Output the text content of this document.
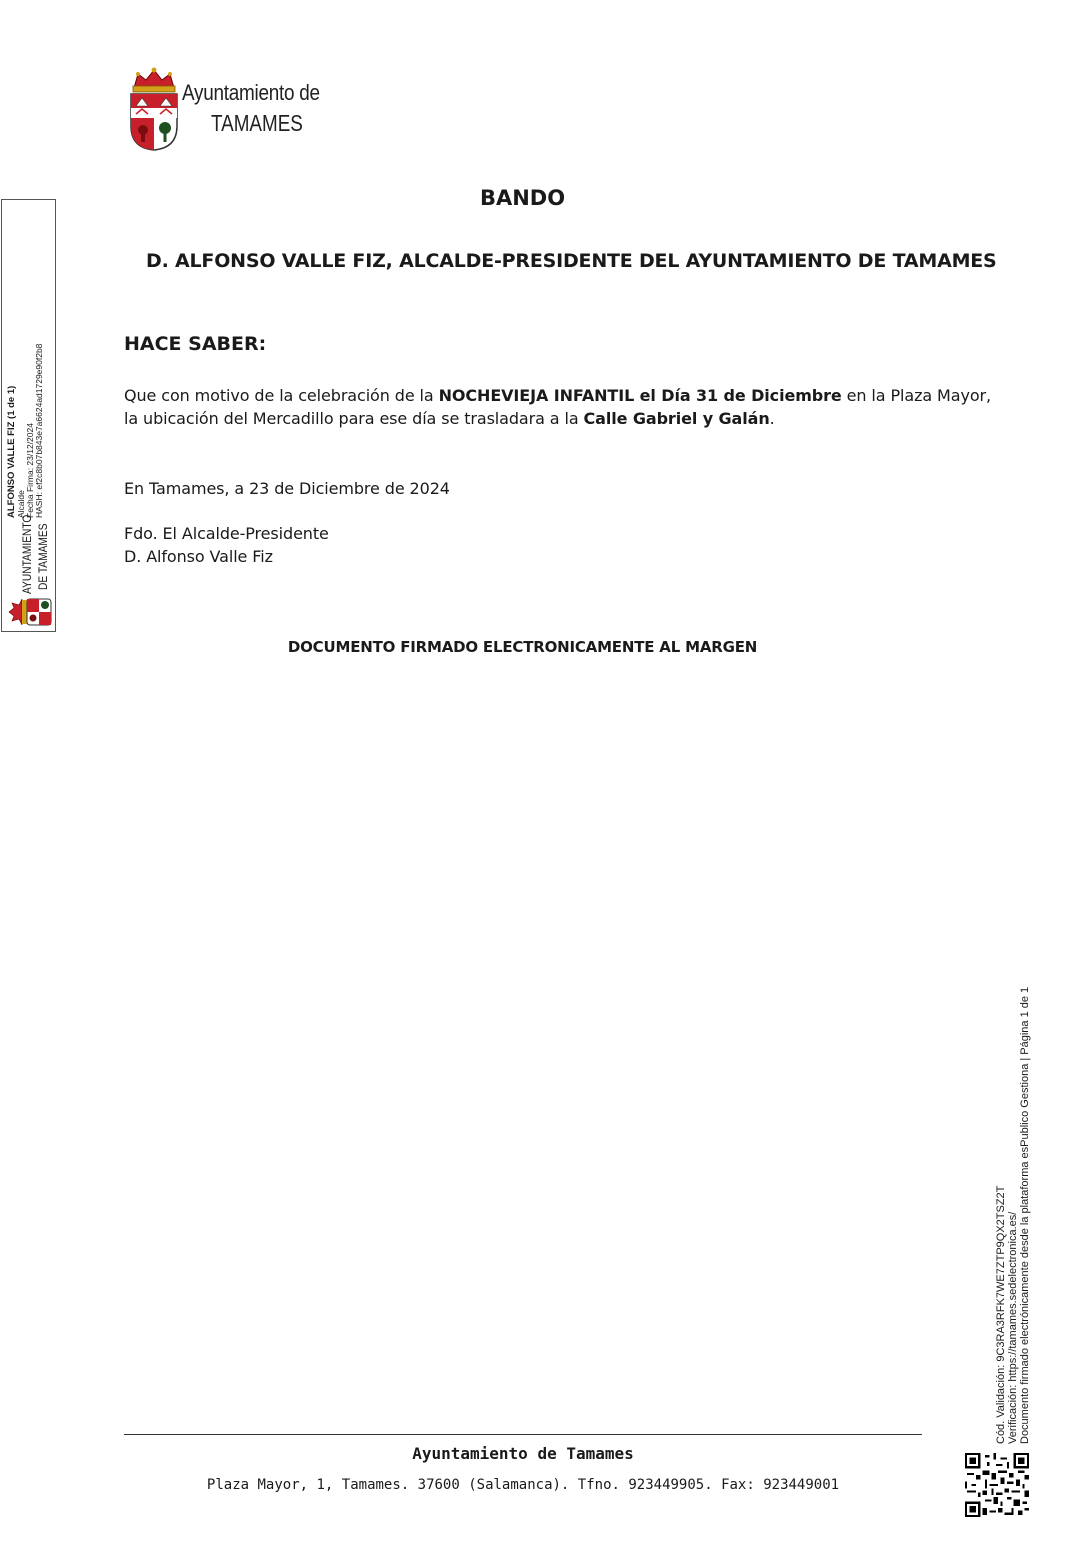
Ayuntamiento de
TAMAMES
BANDO
D. ALFONSO VALLE FIZ, ALCALDE-PRESIDENTE DEL AYUNTAMIENTO DE TAMAMES
HACE SABER:
Que con motivo de la celebración de la NOCHEVIEJA INFANTIL el Día 31 de Diciembre en la Plaza Mayor,
la ubicación del Mercadillo para ese día se trasladara a la Calle Gabriel y Galán.
En Tamames, a 23 de Diciembre de 2024
Fdo. El Alcalde-Presidente
D. Alfonso Valle Fiz
DOCUMENTO FIRMADO ELECTRONICAMENTE AL MARGEN
Ayuntamiento de Tamames
Plaza Mayor, 1, Tamames. 37600 (Salamanca). Tfno. 923449905. Fax: 923449001
ALFONSO VALLE FIZ (1 de 1) Alcalde Fecha Firma: 23/12/2024 HASH: ef2c8b07b843e7a6624ad1729e90f2b8
AYUNTAMIENTO DE TAMAMES
Cód. Validación: 9C3RA3RFK7WE7ZTP9QX2TSZ2T Verificación: https://tamames.sedelectronica.es/ Documento firmado electrónicamente desde la plataforma esPublico Gestiona | Página 1 de 1
